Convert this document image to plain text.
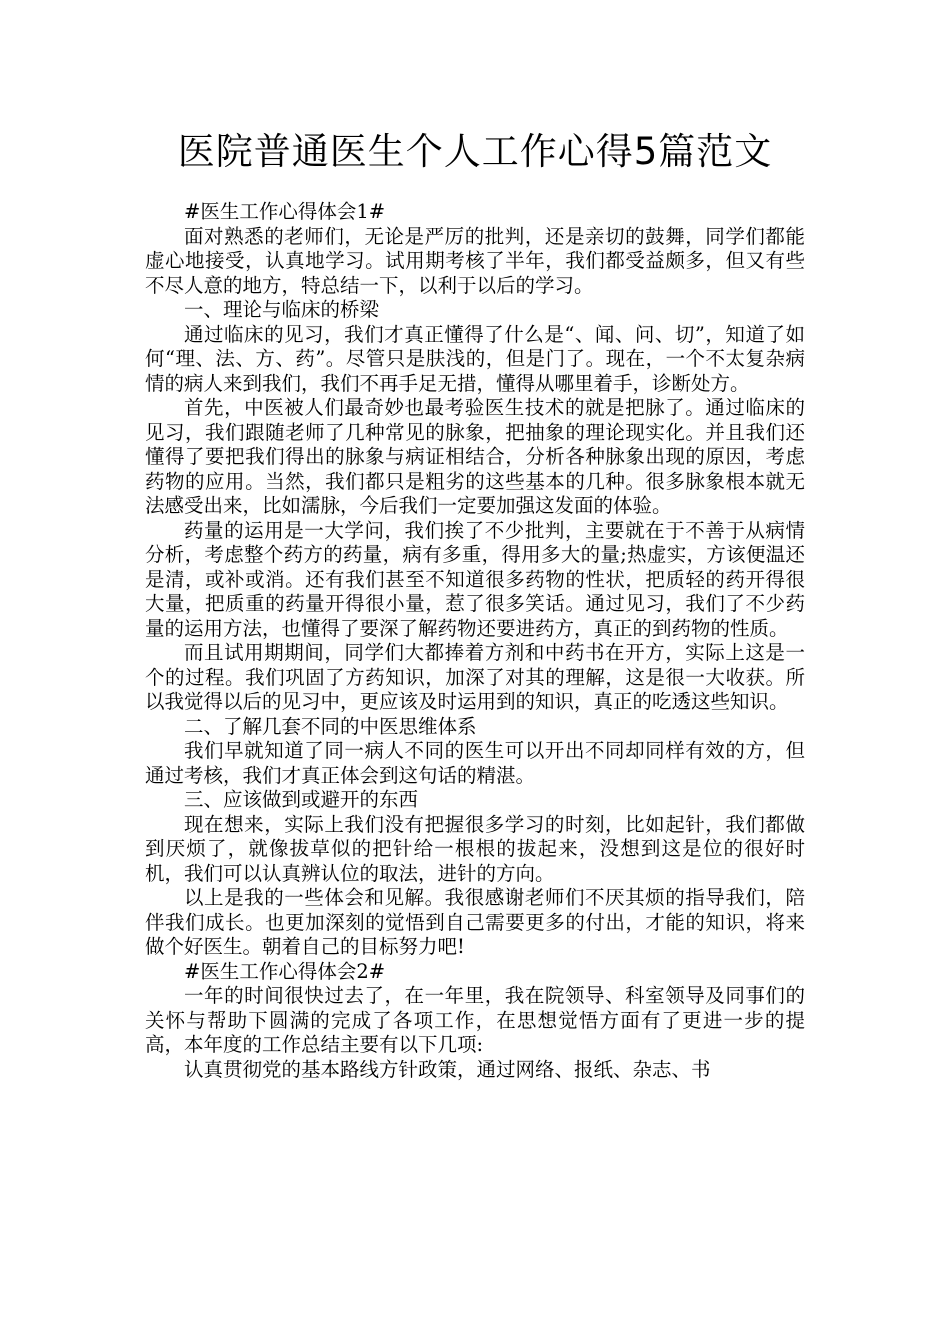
医院普通医生个人工作心得5篇范文

#医生工作心得体会1#

面对熟悉的老师们，无论是严厉的批判，还是亲切的鼓舞，同学们都能虚心地接受，认真地学习。试用期考核了半年，我们都受益颇多，但又有些不尽人意的地方，特总结一下，以利于以后的学习。

一、理论与临床的桥梁

通过临床的见习，我们才真正懂得了什么是“、闻、问、切”，知道了如何“理、法、方、药”。尽管只是肤浅的，但是门了。现在，一个不太复杂病情的病人来到我们，我们不再手足无措，懂得从哪里着手，诊断处方。

首先，中医被人们最奇妙也最考验医生技术的就是把脉了。通过临床的见习，我们跟随老师了几种常见的脉象，把抽象的理论现实化。并且我们还懂得了要把我们得出的脉象与病证相结合，分析各种脉象出现的原因，考虑药物的应用。当然，我们都只是粗劣的这些基本的几种。很多脉象根本就无法感受出来，比如濡脉，今后我们一定要加强这发面的体验。

药量的运用是一大学问，我们挨了不少批判，主要就在于不善于从病情分析，考虑整个药方的药量，病有多重，得用多大的量;热虚实，方该便温还是清，或补或消。还有我们甚至不知道很多药物的性状，把质轻的药开得很大量，把质重的药量开得很小量，惹了很多笑话。通过见习，我们了不少药量的运用方法，也懂得了要深了解药物还要进药方，真正的到药物的性质。

而且试用期期间，同学们大都捧着方剂和中药书在开方，实际上这是一个的过程。我们巩固了方药知识，加深了对其的理解，这是很一大收获。所以我觉得以后的见习中，更应该及时运用到的知识，真正的吃透这些知识。

二、了解几套不同的中医思维体系

我们早就知道了同一病人不同的医生可以开出不同却同样有效的方，但通过考核，我们才真正体会到这句话的精湛。

三、应该做到或避开的东西

现在想来，实际上我们没有把握很多学习的时刻，比如起针，我们都做到厌烦了，就像拔草似的把针给一根根的拔起来，没想到这是位的很好时机，我们可以认真辨认位的取法，进针的方向。

以上是我的一些体会和见解。我很感谢老师们不厌其烦的指导我们，陪伴我们成长。也更加深刻的觉悟到自己需要更多的付出，才能的知识，将来做个好医生。朝着自己的目标努力吧!

#医生工作心得体会2#

一年的时间很快过去了，在一年里，我在院领导、科室领导及同事们的关怀与帮助下圆满的完成了各项工作，在思想觉悟方面有了更进一步的提高，本年度的工作总结主要有以下几项:

认真贯彻党的基本路线方针政策，通过网络、报纸、杂志、书
